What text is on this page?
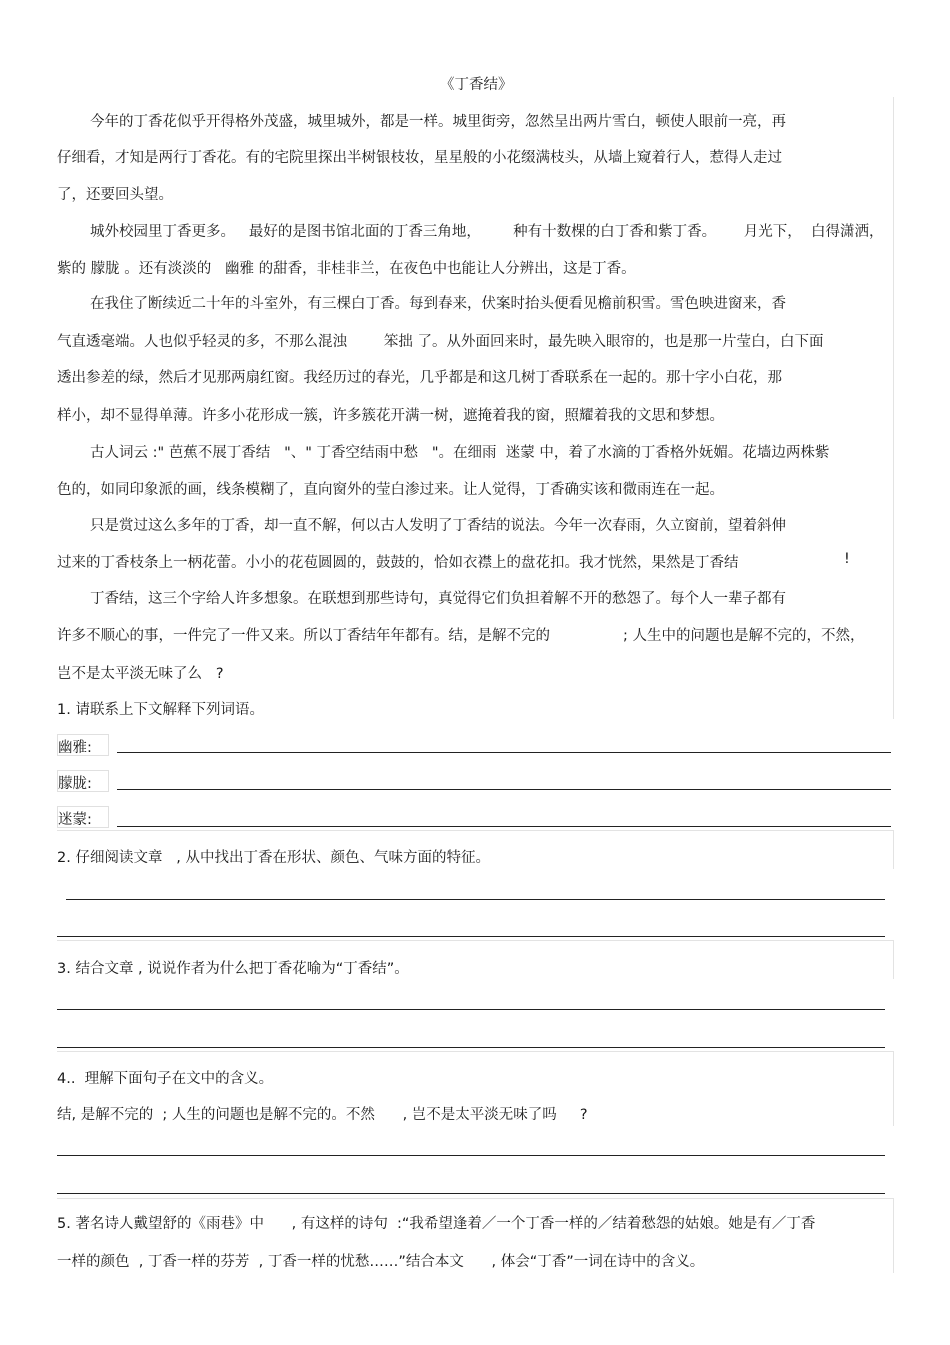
《丁香结》
今年的丁香花似乎开得格外茂盛，城里城外，都是一样。城里街旁，忽然呈出两片雪白，顿使人眼前一亮，再
仔细看，才知是两行丁香花。有的宅院里探出半树银枝妆，星星般的小花缀满枝头，从墙上窥着行人，惹得人走过
了，还要回头望。
城外校园里丁香更多。   最好的是图书馆北面的丁香三角地，       种有十数棵的白丁香和紫丁香。      月光下，  白得潇洒，
紫的 朦胧 。还有淡淡的   幽雅 的甜香，非桂非兰，在夜色中也能让人分辨出，这是丁香。
在我住了断续近二十年的斗室外，有三棵白丁香。每到春来，伏案时抬头便看见檐前积雪。雪色映进窗来，香
气直透毫端。人也似乎轻灵的多，不那么混浊        笨拙 了。从外面回来时，最先映入眼帘的，也是那一片莹白，白下面
透出参差的绿，然后才见那两扇红窗。我经历过的春光，几乎都是和这几树丁香联系在一起的。那十字小白花，那
样小，却不显得单薄。许多小花形成一簇，许多簇花开满一树，遮掩着我的窗，照耀着我的文思和梦想。
古人词云 :" 芭蕉不展丁香结   "、" 丁香空结雨中愁   "。在细雨  迷蒙 中，着了水滴的丁香格外妩媚。花墙边两株紫
色的，如同印象派的画，线条模糊了，直向窗外的莹白渗过来。让人觉得，丁香确实该和微雨连在一起。
只是赏过这么多年的丁香，却一直不解，何以古人发明了丁香结的说法。今年一次春雨，久立窗前，望着斜伸
过来的丁香枝条上一柄花蕾。小小的花苞圆圆的，鼓鼓的，恰如衣襟上的盘花扣。我才恍然，果然是丁香结	!
丁香结，这三个字给人许多想象。在联想到那些诗句，真觉得它们负担着解不开的愁怨了。每个人一辈子都有
许多不顺心的事，一件完了一件又来。所以丁香结年年都有。结，是解不完的	; 人生中的问题也是解不完的，不然，
岂不是太平淡无味了么   ?
1. 请联系上下文解释下列词语。
幽雅:
朦胧:
迷蒙:
2. 仔细阅读文章   , 从中找出丁香在形状、颜色、气味方面的特征。
3. 结合文章 , 说说作者为什么把丁香花喻为“丁香结”。
4..  理解下面句子在文中的含义。
结, 是解不完的  ; 人生的问题也是解不完的。不然      , 岂不是太平淡无味了吗     ?
5. 著名诗人戴望舒的《雨巷》中      , 有这样的诗句  :“我希望逢着／一个丁香一样的／结着愁怨的姑娘。她是有／丁香
一样的颜色  , 丁香一样的芬芳  , 丁香一样的忧愁……”结合本文      , 体会“丁香”一词在诗中的含义。
